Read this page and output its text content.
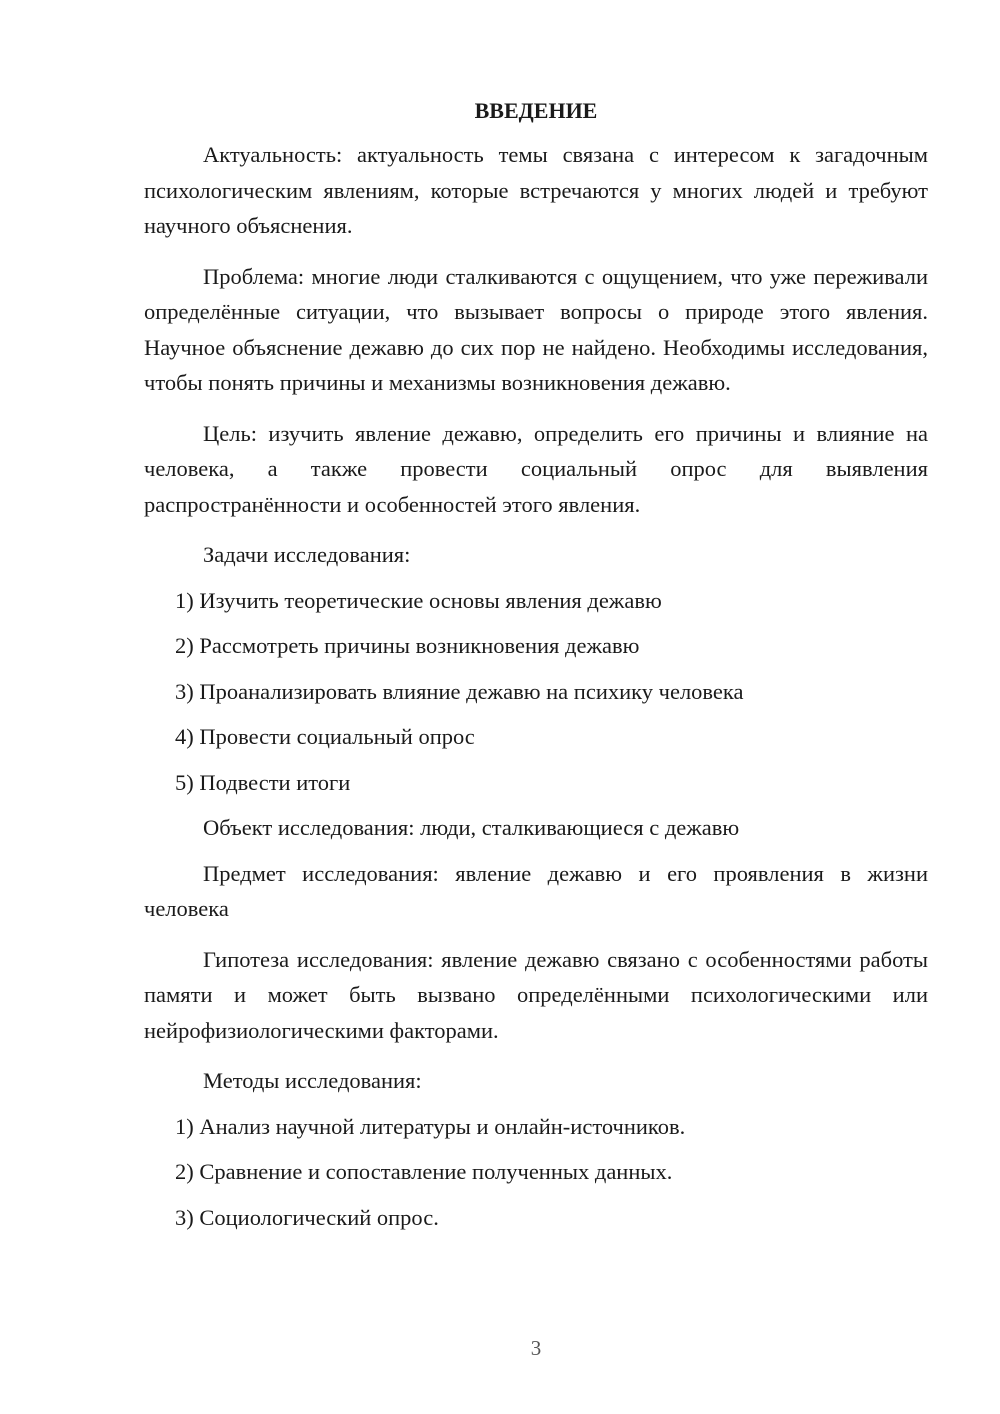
ВВЕДЕНИЕ

Актуальность: актуальность темы связана с интересом к загадочным психологическим явлениям, которые встречаются у многих людей и требуют научного объяснения.

Проблема: многие люди сталкиваются с ощущением, что уже переживали определённые ситуации, что вызывает вопросы о природе этого явления. Научное объяснение дежавю до сих пор не найдено. Необходимы исследования, чтобы понять причины и механизмы возникновения дежавю.

Цель: изучить явление дежавю, определить его причины и влияние на человека, а также провести социальный опрос для выявления распространённости и особенностей этого явления.

Задачи исследования:

1) Изучить теоретические основы явления дежавю
2) Рассмотреть причины возникновения дежавю
3) Проанализировать влияние дежавю на психику человека
4) Провести социальный опрос
5) Подвести итоги

Объект исследования: люди, сталкивающиеся с дежавю

Предмет исследования: явление дежавю и его проявления в жизни человека

Гипотеза исследования: явление дежавю связано с особенностями работы памяти и может быть вызвано определёнными психологическими или нейрофизиологическими факторами.

Методы исследования:

1) Анализ научной литературы и онлайн-источников.
2) Сравнение и сопоставление полученных данных.
3) Социологический опрос.
3
